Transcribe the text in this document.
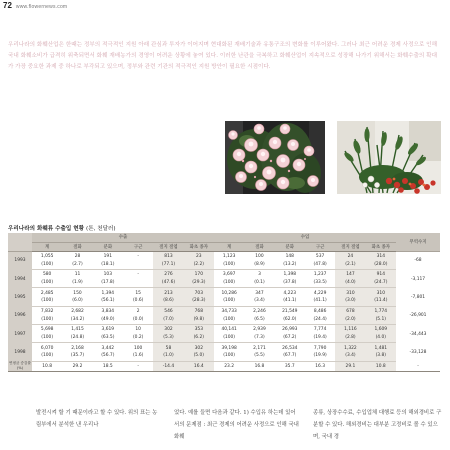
72 www.flowernews.com

우리나라의 화훼산업은 한때는 정부의 적극적인 지원 아래 관심과 투자가 이어지며 현대화된 재배기술과 유통구조의 변화를 이루어왔다. 그러나 최근 어려운 경제 사정으로 인해 국내 화훼소비가 급격히 위축되면서 화훼 재배농가의 경영이 어려운 상황에 놓여 있다. 이러한 난관을 극복하고 화훼산업이 지속적으로 성장해 나가기 위해서는 화훼수출의 확대가 가장 중요한 과제 중 하나로 부각되고 있으며, 정부와 관련 기관의 적극적인 지원 방안이 필요한 시점이다.

우리나라의 화훼류 수출입 현황 (톤, 천달러)

	수출						수입						무역수지
	계	절화	분화	구근	절지 절엽	화초 종자	계	절화	분화	구근	절지 절엽	화초 종자	
1993	1,055	28	191	-	813	23	1,123	100	148	537	24	314	-68
	(100)	(2.7)	(18.1)		(77.1)	(2.2)	(100)	(8.9)	(13.2)	(47.8)	(2.1)	(28.0)	
1994	580	11	103	-	276	170	3,697	3	1,398	1,237	147	914	-3,117
	(100)	(1.9)	(17.8)		(47.6)	(29.3)	(100)	(0.1)	(37.8)	(33.5)	(4.0)	(24.7)	
1995	2,485	150	1,394	15	213	703	10,286	347	4,223	4,229	310	310	-7,801
	(100)	(6.0)	(56.1)	(0.6)	(8.6)	(28.3)	(100)	(3.4)	(41.1)	(41.1)	(3.0)	(11.4)	
1996	7,832	2,682	3,834	2	546	768	34,733	2,246	21,549	8,486	678	1,774	-26,901
	(100)	(34.2)	(49.0)	(0.0)	(7.0)	(9.8)	(100)	(6.5)	(62.0)	(24.4)	(2.0)	(5.1)	
1997	5,698	1,415	3,619	10	302	353	40,141	2,939	26,993	7,774	1,116	1,609	-34,443
	(100)	(24.8)	(63.5)	(0.2)	(5.3)	(6.2)	(100)	(7.3)	(67.2)	(19.4)	(2.8)	(4.0)	
1998	6,070	2,168	3,442	100	58	302	39,198	2,171	26,534	7,790	1,322	1,481	-33,128
	(100)	(35.7)	(56.7)	(1.6)	(1.0)	(5.0)	(100)	(5.5)	(67.7)	(19.9)	(3.4)	(3.8)	
연평균 증감률(%)	10.8	29.2	18.5	-	-14.4	16.4	23.2	16.8	35.7	16.3	29.1	10.8	-

발전시켜 할 기 때문이라고 할 수 있다. 위의 표는 농림부에서 분석한 낸 우리나

었다. 예를 들면 다음과 같다. 1) 수입유 하는데 있어서의 문제점 : 최근 경제의 어려운 사정으로 인해 국내 화훼

종류, 상장수수료, 수입업체 대행료 등의 해외경비로 구분할 수 있다. 해외경비는 대부분 고정비로 볼 수 있으며, 국내 경
